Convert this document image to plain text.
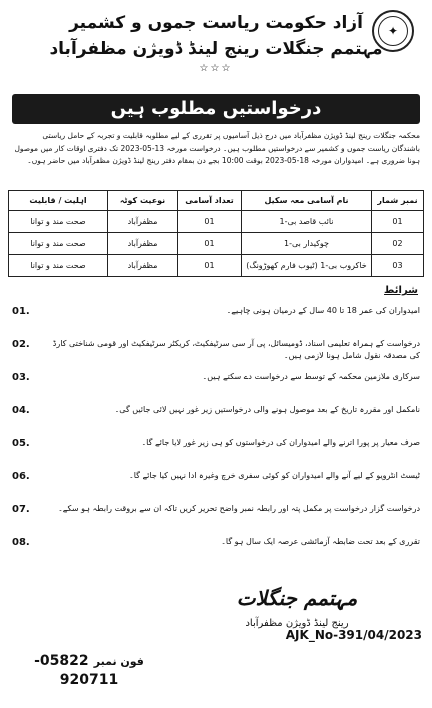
✦
آزاد حکومت ریاست جموں و کشمیر
مہتمم جنگلات رینج لینڈ ڈویژن مظفرآباد
☆☆☆
درخواستیں مطلوب ہیں
محکمہ جنگلات رینج لینڈ ڈویژن مظفرآباد میں درج ذیل آسامیوں پر تقرری کے لیے مطلوبہ قابلیت و تجربہ کے حامل ریاستی باشندگان ریاست جموں و کشمیر سے درخواستیں مطلوب ہیں۔ درخواست مورخہ 13-05-2023 تک دفتری اوقات کار میں موصول ہونا ضروری ہے۔ امیدواران مورخہ 18-05-2023 بوقت 10:00 بجے دن بمقام دفتر رینج لینڈ ڈویژن مظفرآباد میں حاضر ہوں۔
نمبر شمار	نام آسامی معہ سکیل	تعداد آسامی	نوعیت کوٹہ	اہلیت / قابلیت
01	نائب قاصد بی-1	01	مظفرآباد	صحت مند و توانا
02	چوکیدار بی-1	01	مظفرآباد	صحت مند و توانا
03	خاکروب بی-1 (ٹیوب فارم کھوڑونگ)	01	مظفرآباد	صحت مند و توانا
شرائط
01.	امیدواران کی عمر 18 تا 40 سال کے درمیان ہونی چاہیے۔
02.	درخواست کے ہمراہ تعلیمی اسناد، ڈومیسائل، پی آر سی سرٹیفکیٹ، کریکٹر سرٹیفکیٹ اور قومی شناختی کارڈ کی مصدقہ نقول شامل ہونا لازمی ہیں۔
03.	سرکاری ملازمین محکمہ کے توسط سے درخواست دے سکتے ہیں۔
04.	نامکمل اور مقررہ تاریخ کے بعد موصول ہونے والی درخواستیں زیر غور نہیں لائی جائیں گی۔
05.	صرف معیار پر پورا اترنے والے امیدواران کی درخواستوں کو ہی زیر غور لایا جائے گا۔
06.	ٹیسٹ انٹرویو کے لیے آنے والے امیدواران کو کوئی سفری خرچ وغیرہ ادا نہیں کیا جائے گا۔
07.	درخواست گزار درخواست پر مکمل پتہ اور رابطہ نمبر واضح تحریر کریں تاکہ ان سے بروقت رابطہ ہو سکے۔
08.	تقرری کے بعد تحت ضابطہ آزمائشی عرصہ ایک سال ہو گا۔
مہتمم جنگلات
رینج لینڈ ڈویژن مظفرآباد
AJK_No-391/04/2023
فون نمبر 05822-920711
